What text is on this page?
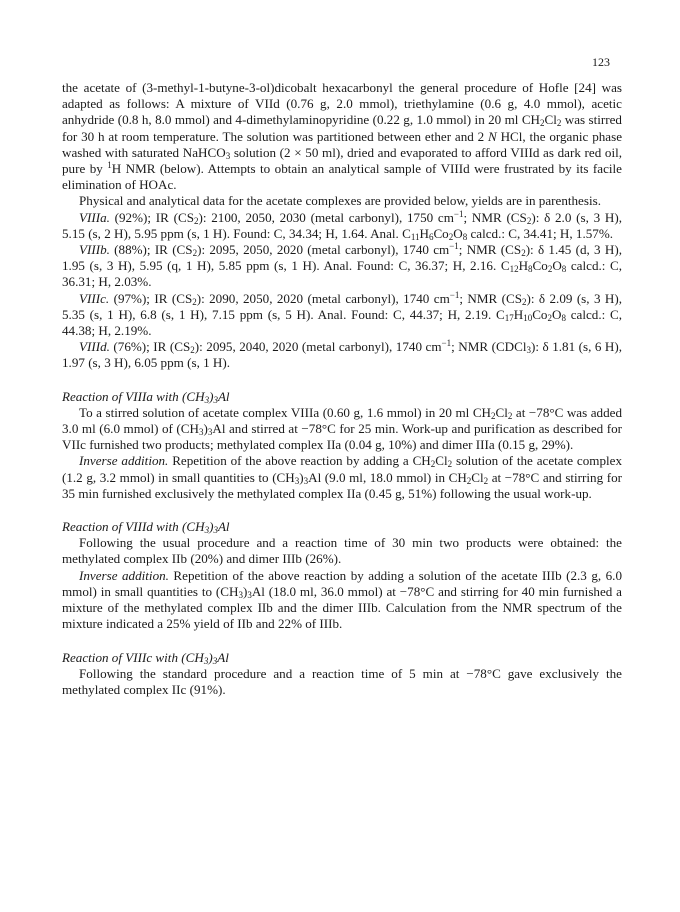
123

the acetate of (3-methyl-1-butyne-3-ol)dicobalt hexacarbonyl the general procedure of Hofle [24] was adapted as follows: A mixture of VIId (0.76 g, 2.0 mmol), triethylamine (0.6 g, 4.0 mmol), acetic anhydride (0.8 h, 8.0 mmol) and 4-dimethylaminopyridine (0.22 g, 1.0 mmol) in 20 ml $CH_2Cl_2$ was stirred for 30 h at room temperature. The solution was partitioned between ether and 2 N HCl, the organic phase washed with saturated NaHCO$_3$ solution (2 × 50 ml), dried and evaporated to afford VIIId as dark red oil, pure by $^1$H NMR (below). Attempts to obtain an analytical sample of VIIId were frustrated by its facile elimination of HOAc.

Physical and analytical data for the acetate complexes are provided below, yields are in parenthesis.

VIIIa. (92%); IR $(CS_2)$: 2100, 2050, 2030 (metal carbonyl), 1750 $cm^{-1}$; NMR $(CS_2)$: δ 2.0 (s, 3 H), 5.15 (s, 2 H), 5.95 ppm (s, 1 H). Found: C, 34.34; H, 1.64. Anal. $C_{11}H_6Co_2O_8$ calcd.: C, 34.41; H, 1.57%.

VIIIb. (88%); IR $(CS_2)$: 2095, 2050, 2020 (metal carbonyl), 1740 $cm^{-1}$; NMR $(CS_2)$: δ 1.45 (d, 3 H), 1.95 (s, 3 H), 5.95 (q, 1 H), 5.85 ppm (s, 1 H). Anal. Found: C, 36.37; H, 2.16. $C_{12}H_8Co_2O_8$ calcd.: C, 36.31; H, 2.03%.

VIIIc. (97%); IR $(CS_2)$: 2090, 2050, 2020 (metal carbonyl), 1740 $cm^{-1}$; NMR $(CS_2)$: δ 2.09 (s, 3 H), 5.35 (s, 1 H), 6.8 (s, 1 H), 7.15 ppm (s, 5 H). Anal. Found: C, 44.37; H, 2.19. $C_{17}H_{10}Co_2O_8$ calcd.: C, 44.38; H, 2.19%.

VIIId. (76%); IR $(CS_2)$: 2095, 2040, 2020 (metal carbonyl), 1740 $cm^{-1}$; NMR (CDCl$_3$): δ 1.81 (s, 6 H), 1.97 (s, 3 H), 6.05 ppm (s, 1 H).

Reaction of VIIIa with $(CH_3)_3Al$

To a stirred solution of acetate complex VIIIa (0.60 g, 1.6 mmol) in 20 ml $CH_2Cl_2$ at −78°C was added 3.0 ml (6.0 mmol) of $(CH_3)_3Al$ and stirred at −78°C for 25 min. Work-up and purification as described for VIIc furnished two products; methylated complex IIa (0.04 g, 10%) and dimer IIIa (0.15 g, 29%).

Inverse addition. Repetition of the above reaction by adding a $CH_2Cl_2$ solution of the acetate complex (1.2 g, 3.2 mmol) in small quantities to $(CH_3)_3Al$ (9.0 ml, 18.0 mmol) in $CH_2Cl_2$ at −78°C and stirring for 35 min furnished exclusively the methylated complex IIa (0.45 g, 51%) following the usual work-up.

Reaction of VIIId with $(CH_3)_3Al$

Following the usual procedure and a reaction time of 30 min two products were obtained: the methylated complex IIb (20%) and dimer IIIb (26%).

Inverse addition. Repetition of the above reaction by adding a solution of the acetate IIIb (2.3 g, 6.0 mmol) in small quantities to $(CH_3)_3Al$ (18.0 ml, 36.0 mmol) at −78°C and stirring for 40 min furnished a mixture of the methylated complex IIb and the dimer IIIb. Calculation from the NMR spectrum of the mixture indicated a 25% yield of IIb and 22% of IIIb.

Reaction of VIIIc with $(CH_3)_3Al$

Following the standard procedure and a reaction time of 5 min at −78°C gave exclusively the methylated complex IIc (91%).
